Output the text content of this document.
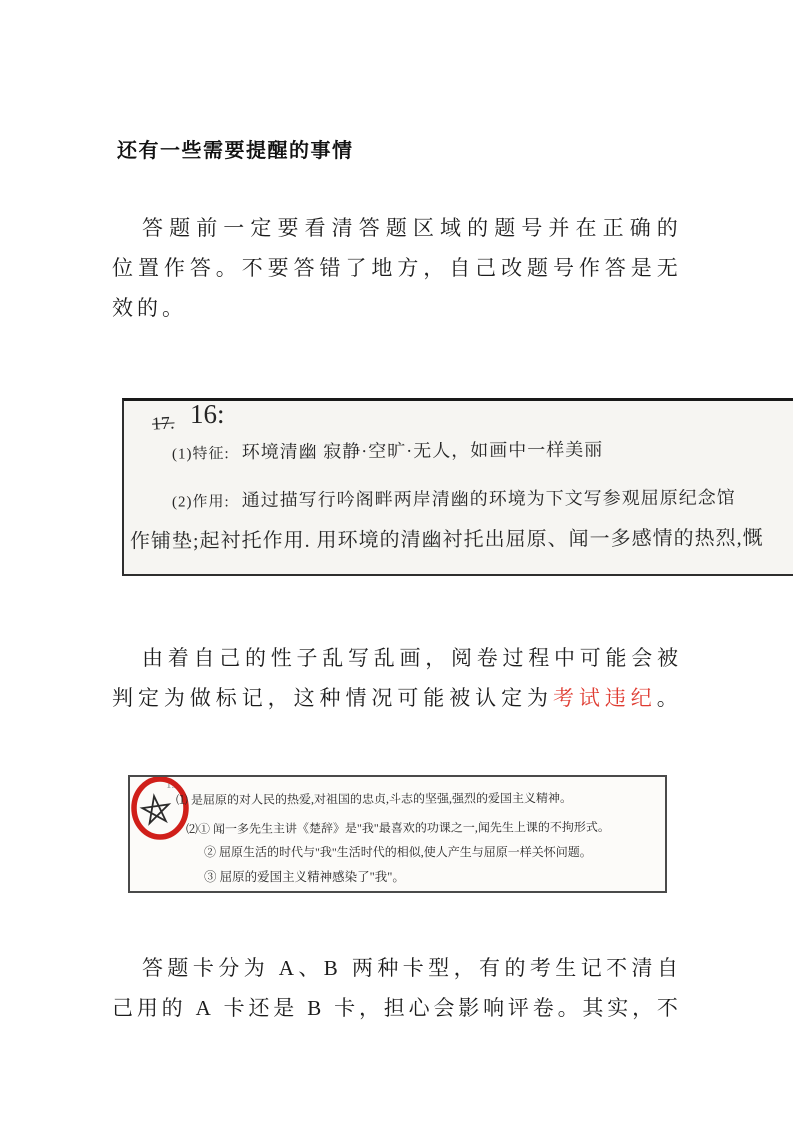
还有一些需要提醒的事情
答 题 前 一 定 要 看 清 答 题 区 域 的 题 号 并 在 正 确 的
位 置 作 答 。 不 要 答 错 了 地 方 ， 自 己 改 题 号 作 答 是 无
效的。
17. 16:
(1)特征: 环境清幽 寂静·空旷·无人，如画中一样美丽
(2)作用: 通过描写行吟阁畔两岸清幽的环境为下文写参观屈原纪念馆
作铺垫;起衬托作用. 用环境的清幽衬托出屈原、闻一多感情的热烈,慨
由 着 自 己 的 性 子 乱 写 乱 画 ， 阅 卷 过 程 中 可 能 会 被
判 定 为 做 标 记 ， 这 种 情 况 可 能 被 认 定 为 考 试 违 纪 。
19
⑴ 是屈原的对人民的热爱,对祖国的忠贞,斗志的坚强,强烈的爱国主义精神。
⑵① 闻一多先生主讲《楚辞》是"我"最喜欢的功课之一,闻先生上课的不拘形式。
② 屈原生活的时代与"我"生活时代的相似,使人产生与屈原一样关怀问题。
③ 屈原的爱国主义精神感染了"我"。
答 题 卡 分 为
A 、 B
两 种 卡 型 ， 有 的 考 生 记 不 清 自
己 用 的
A
卡 还 是
B
卡 ， 担 心 会 影 响 评 卷 。 其 实 ， 不
